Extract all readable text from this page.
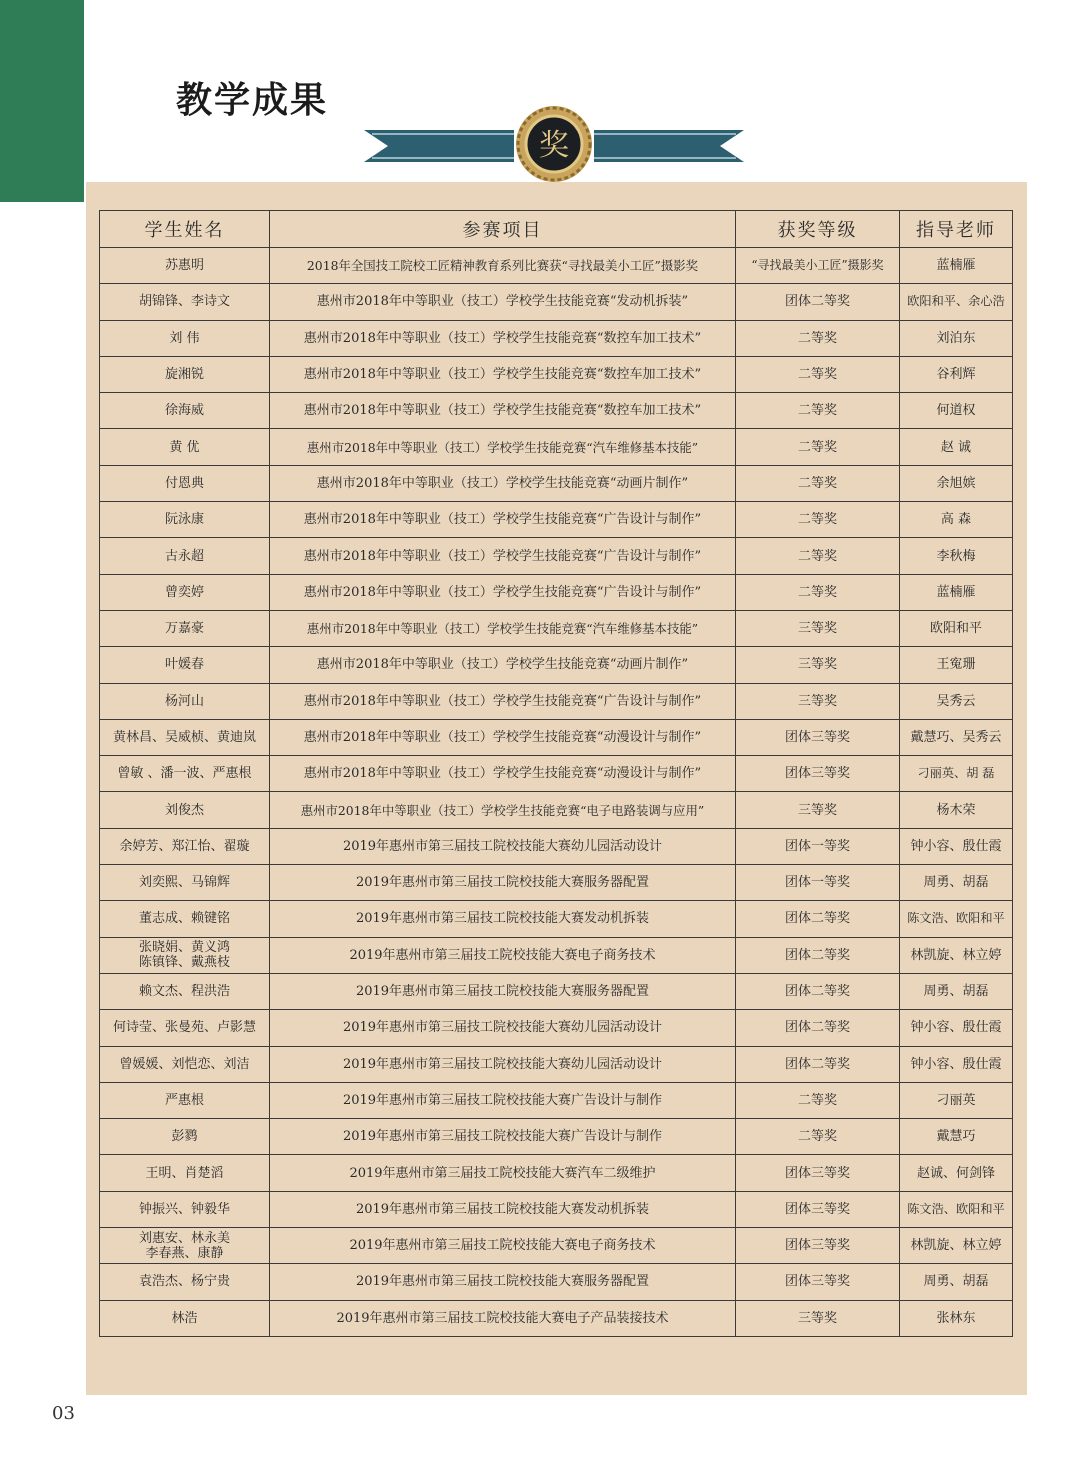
教学成果
奖
学生姓名	参赛项目	获奖等级	指导老师
苏惠明	2018年全国技工院校工匠精神教育系列比赛获“寻找最美小工匠”摄影奖	“寻找最美小工匠”摄影奖	蓝楠雁
胡锦锋、李诗文	惠州市2018年中等职业（技工）学校学生技能竞赛“发动机拆装”	团体二等奖	欧阳和平、余心浩
刘 伟	惠州市2018年中等职业（技工）学校学生技能竞赛“数控车加工技术”	二等奖	刘泊东
旋湘锐	惠州市2018年中等职业（技工）学校学生技能竞赛“数控车加工技术”	二等奖	谷利辉
徐海威	惠州市2018年中等职业（技工）学校学生技能竞赛“数控车加工技术”	二等奖	何道权
黄 优	惠州市2018年中等职业（技工）学校学生技能竞赛“汽车维修基本技能”	二等奖	赵 诚
付恩典	惠州市2018年中等职业（技工）学校学生技能竞赛“动画片制作”	二等奖	余旭嫔
阮泳康	惠州市2018年中等职业（技工）学校学生技能竞赛“广告设计与制作”	二等奖	高 森
古永超	惠州市2018年中等职业（技工）学校学生技能竞赛“广告设计与制作”	二等奖	李秋梅
曾奕婷	惠州市2018年中等职业（技工）学校学生技能竞赛“广告设计与制作”	二等奖	蓝楠雁
万嘉豪	惠州市2018年中等职业（技工）学校学生技能竞赛“汽车维修基本技能”	三等奖	欧阳和平
叶媛春	惠州市2018年中等职业（技工）学校学生技能竞赛“动画片制作”	三等奖	王寃珊
杨河山	惠州市2018年中等职业（技工）学校学生技能竞赛“广告设计与制作”	三等奖	吴秀云
黄林昌、吴威桢、黄迪岚	惠州市2018年中等职业（技工）学校学生技能竞赛“动漫设计与制作”	团体三等奖	戴慧巧、吴秀云
曾敏 、潘一波、严惠根	惠州市2018年中等职业（技工）学校学生技能竞赛“动漫设计与制作”	团体三等奖	刁丽英、胡 磊
刘俊杰	惠州市2018年中等职业（技工）学校学生技能竞赛“电子电路装调与应用”	三等奖	杨木荣
余婷芳、郑江怡、翟璇	2019年惠州市第三届技工院校技能大赛幼儿园活动设计	团体一等奖	钟小容、殷仕霞
刘奕熙、马锦辉	2019年惠州市第三届技工院校技能大赛服务器配置	团体一等奖	周勇、胡磊
董志成、赖键铭	2019年惠州市第三届技工院校技能大赛发动机拆装	团体二等奖	陈文浩、欧阳和平
张晓娟、黄义鸿
陈镇锋、戴燕枝	2019年惠州市第三届技工院校技能大赛电子商务技术	团体二等奖	林凯旋、林立婷
赖文杰、程洪浩	2019年惠州市第三届技工院校技能大赛服务器配置	团体二等奖	周勇、胡磊
何诗莹、张曼苑、卢影慧	2019年惠州市第三届技工院校技能大赛幼儿园活动设计	团体二等奖	钟小容、殷仕霞
曾媛媛、刘恺恋、刘洁	2019年惠州市第三届技工院校技能大赛幼儿园活动设计	团体二等奖	钟小容、殷仕霞
严惠根	2019年惠州市第三届技工院校技能大赛广告设计与制作	二等奖	刁丽英
彭鹨	2019年惠州市第三届技工院校技能大赛广告设计与制作	二等奖	戴慧巧
王明、肖楚滔	2019年惠州市第三届技工院校技能大赛汽车二级维护	团体三等奖	赵诚、何剑锋
钟振兴、钟毅华	2019年惠州市第三届技工院校技能大赛发动机拆装	团体三等奖	陈文浩、欧阳和平
刘惠安、林永美
李春燕、康静	2019年惠州市第三届技工院校技能大赛电子商务技术	团体三等奖	林凯旋、林立婷
袁浩杰、杨宁贵	2019年惠州市第三届技工院校技能大赛服务器配置	团体三等奖	周勇、胡磊
林浩	2019年惠州市第三届技工院校技能大赛电子产品装接技术	三等奖	张林东
03
